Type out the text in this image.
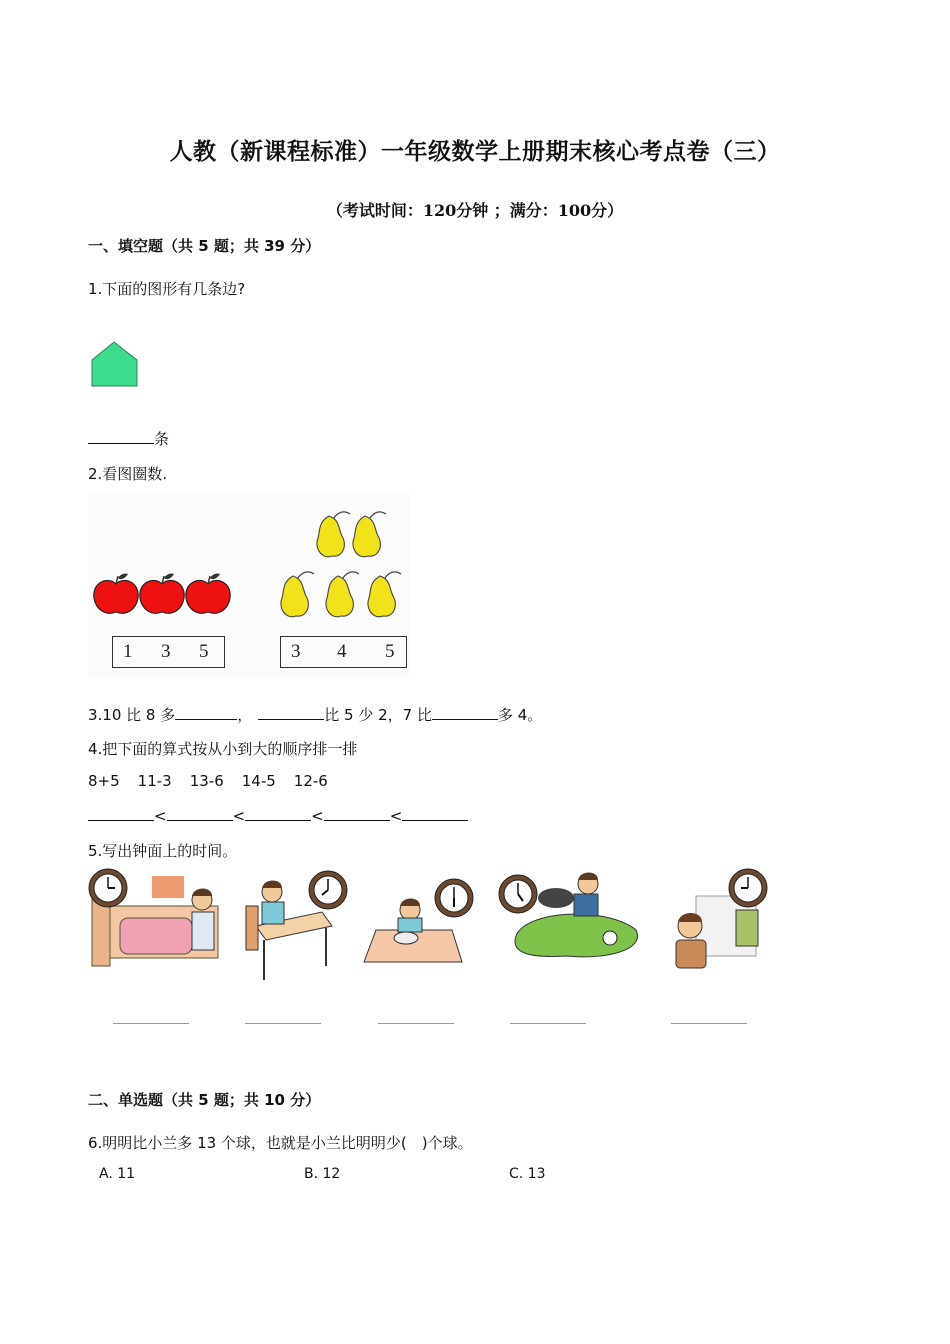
人教（新课程标准）一年级数学上册期末核心考点卷（三）
（考试时间：120分钟 ；满分：100分）
一、填空题（共 5 题；共 39 分）
1.下面的图形有几条边?
条
2.看图圈数.
1 3 5	3 4 5
3.10 比 8 多	，	比 5 少 2，7 比	多 4。
4.把下面的算式按从小到大的顺序排一排
8+5 11-3 13-6 14-5 12-6
<	<	<	<
5.写出钟面上的时间。
二、单选题（共 5 题；共 10 分）
6.明明比小兰多 13 个球，也就是小兰比明明少(　)个球。
A. 11	B. 12	C. 13
